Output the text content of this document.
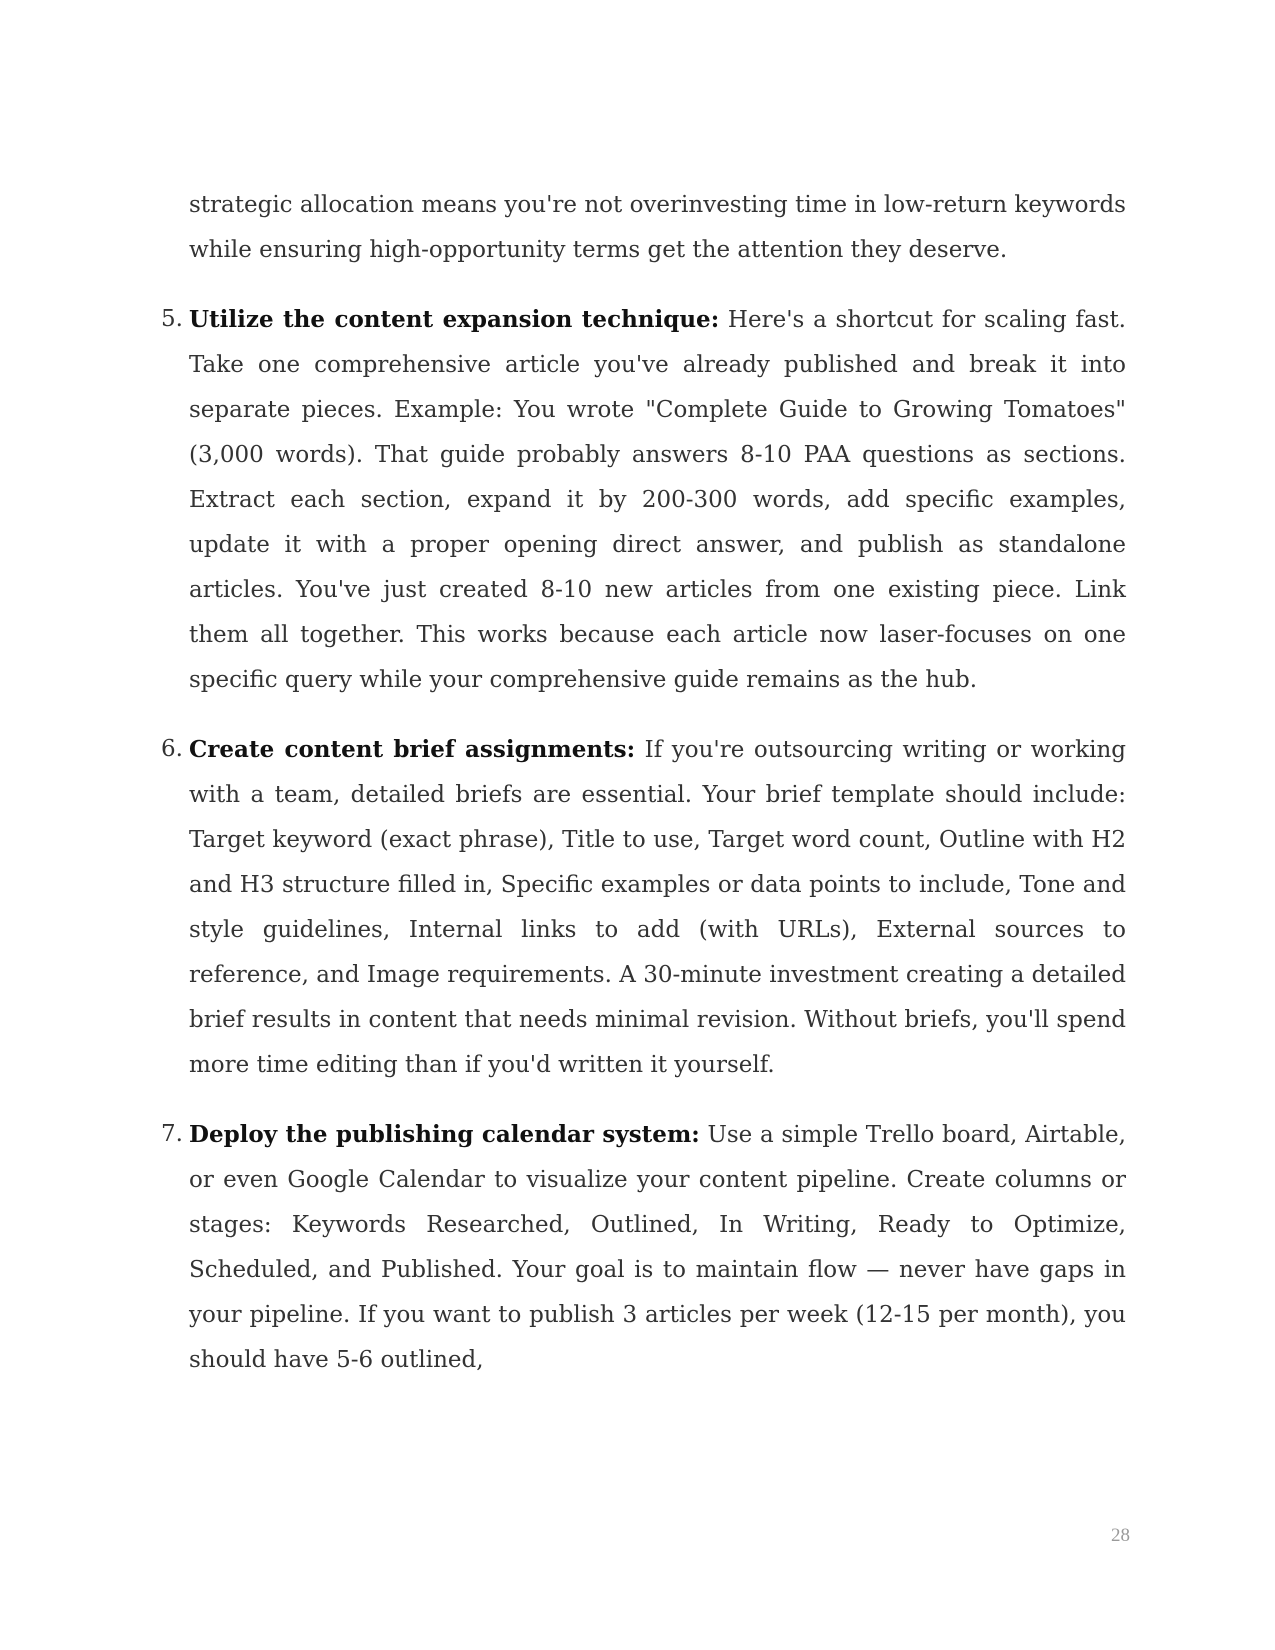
strategic allocation means you're not overinvesting time in low-return keywords while ensuring high-opportunity terms get the attention they deserve.

5. Utilize the content expansion technique: Here's a shortcut for scaling fast. Take one comprehensive article you've already published and break it into separate pieces. Example: You wrote "Complete Guide to Growing Tomatoes" (3,000 words). That guide probably answers 8-10 PAA questions as sections. Extract each section, expand it by 200-300 words, add specific examples, update it with a proper opening direct answer, and publish as standalone articles. You've just created 8-10 new articles from one existing piece. Link them all together. This works because each article now laser-focuses on one specific query while your comprehensive guide remains as the hub.
6. Create content brief assignments: If you're outsourcing writing or working with a team, detailed briefs are essential. Your brief template should include: Target keyword (exact phrase), Title to use, Target word count, Outline with H2 and H3 structure filled in, Specific examples or data points to include, Tone and style guidelines, Internal links to add (with URLs), External sources to reference, and Image requirements. A 30-minute investment creating a detailed brief results in content that needs minimal revision. Without briefs, you'll spend more time editing than if you'd written it yourself.
7. Deploy the publishing calendar system: Use a simple Trello board, Airtable, or even Google Calendar to visualize your content pipeline. Create columns or stages: Keywords Researched, Outlined, In Writing, Ready to Optimize, Scheduled, and Published. Your goal is to maintain flow — never have gaps in your pipeline. If you want to publish 3 articles per week (12-15 per month), you should have 5-6 outlined,
28
